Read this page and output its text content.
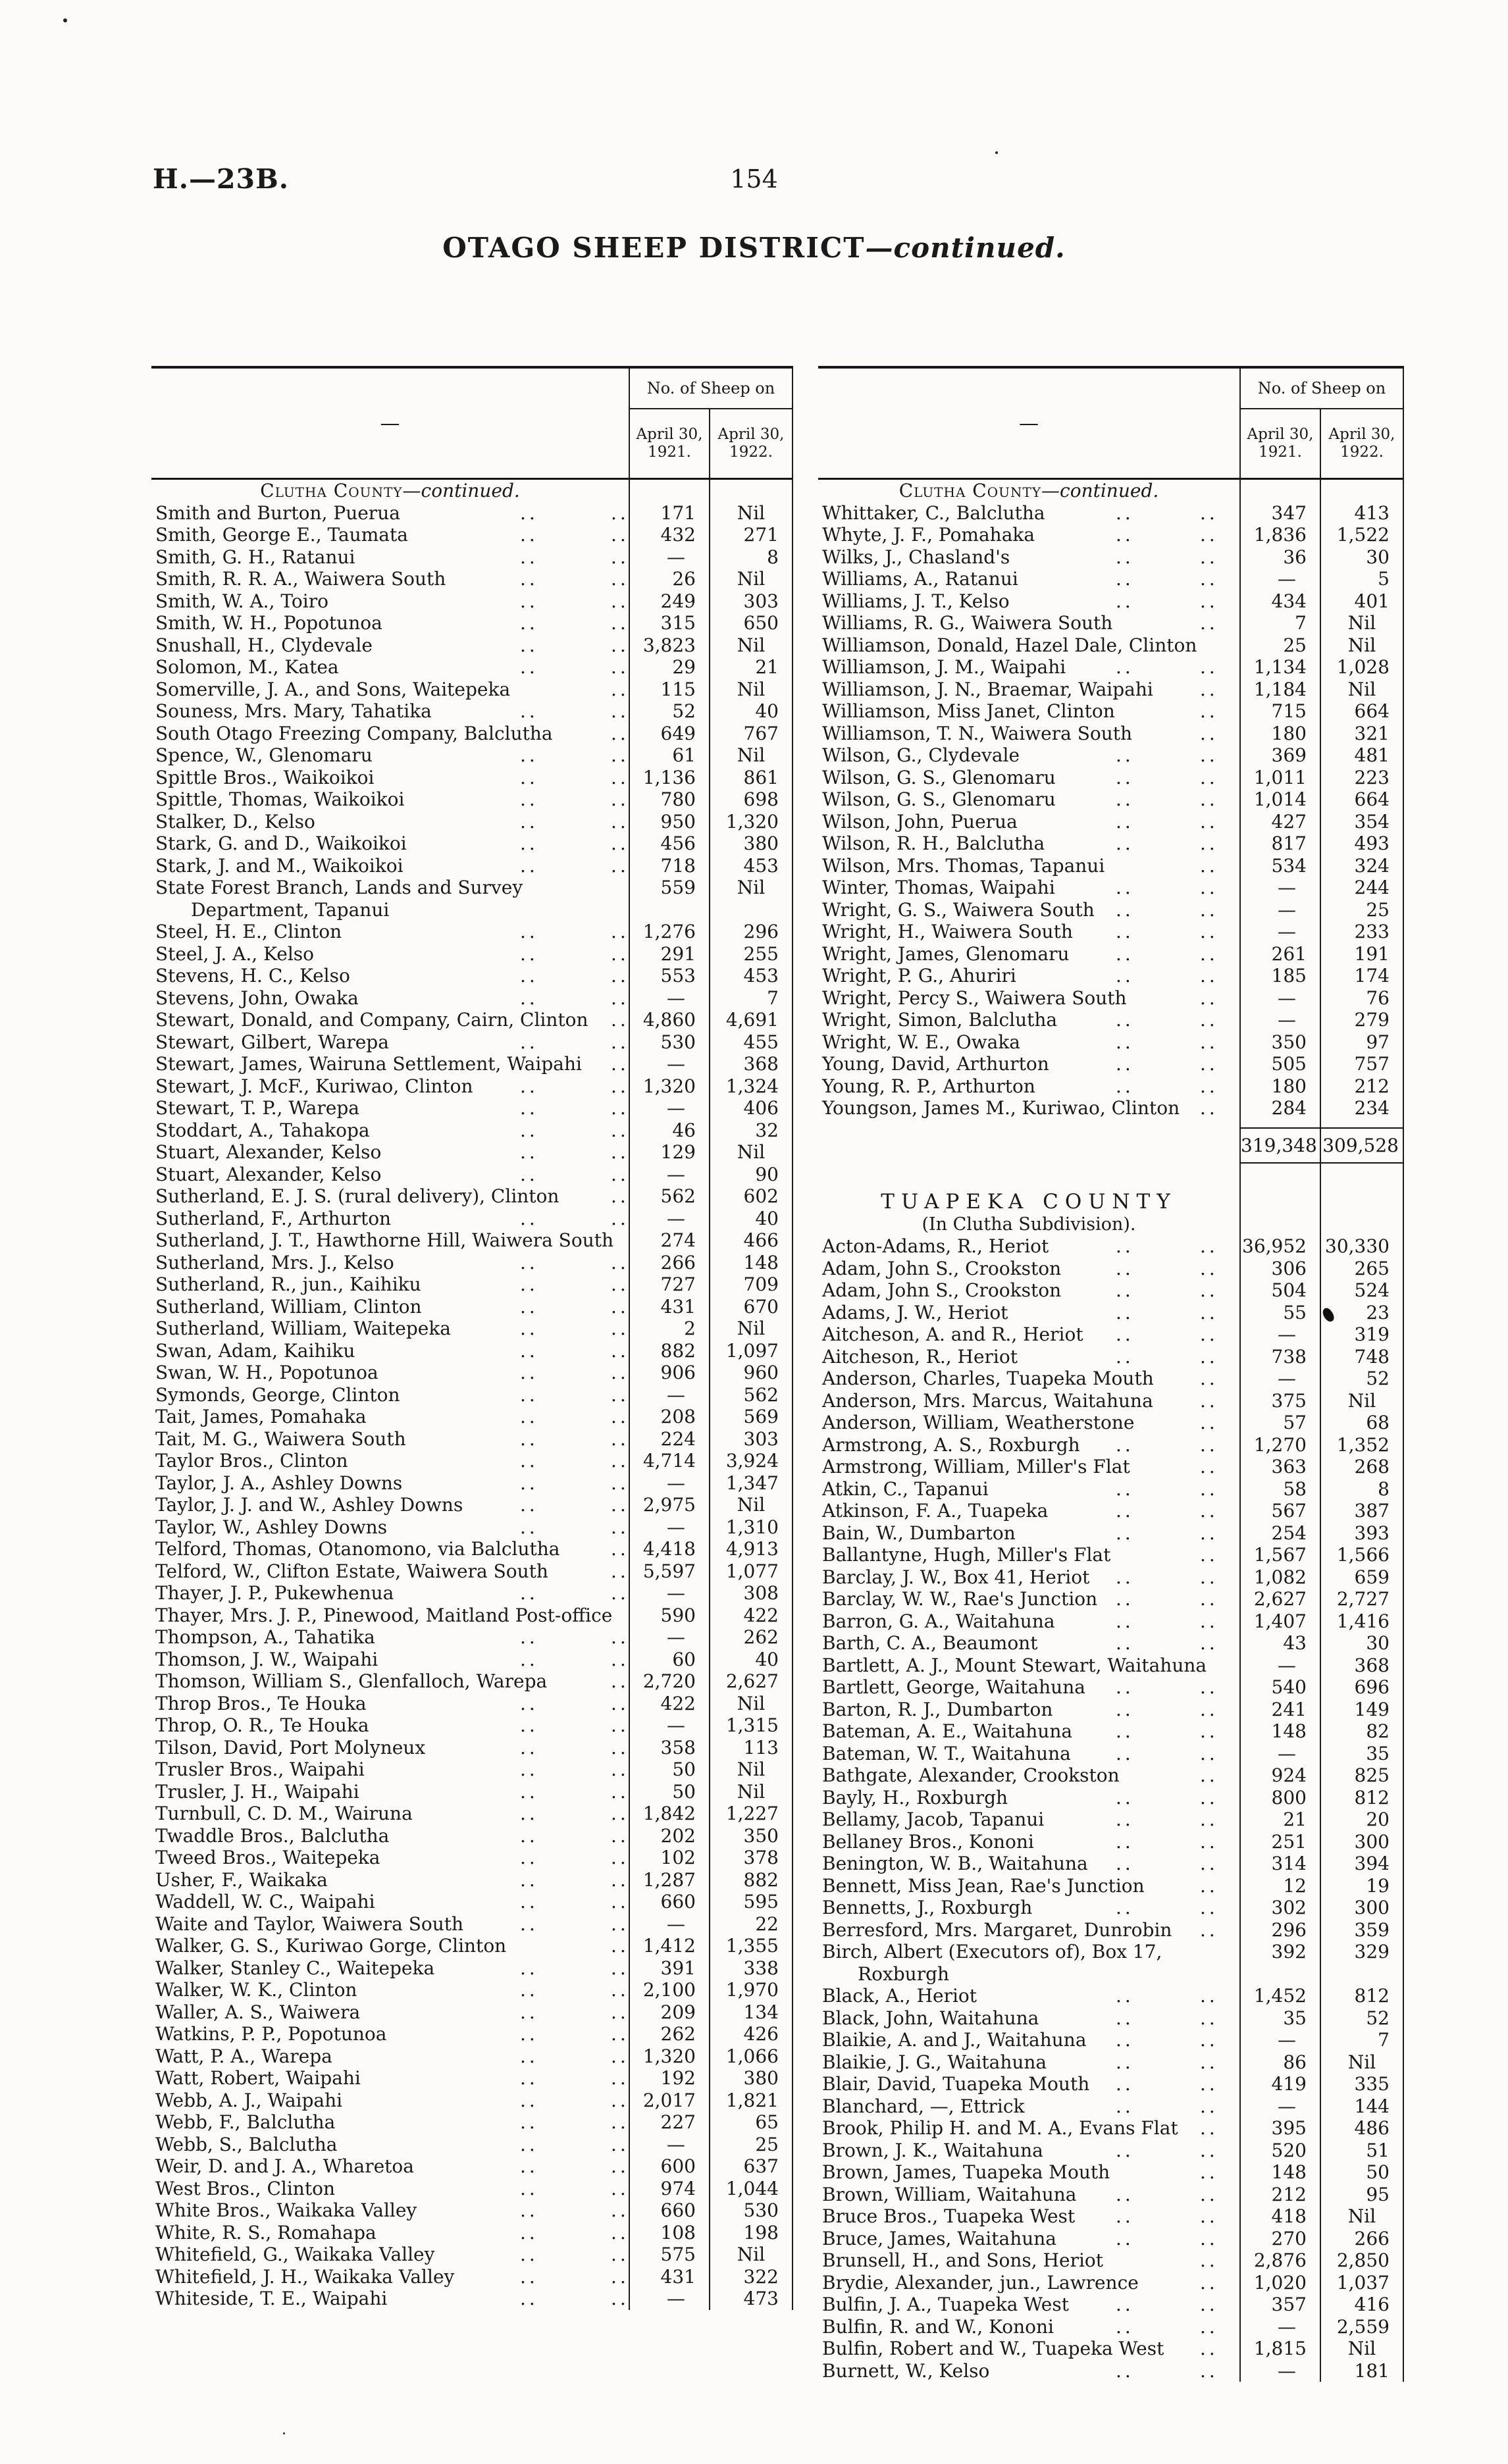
H.—23B.	154
OTAGO SHEEP DISTRICT—continued.
—
No. of Sheep on
April 30,
1921.
April 30,
1922.
Clutha County—continued.
Smith and Burton, Puerua	..	..	171	Nil
Smith, George E., Taumata	..	..	432	271
Smith, G. H., Ratanui	..	..	—	8
Smith, R. R. A., Waiwera South	..	..	26	Nil
Smith, W. A., Toiro	..	..	249	303
Smith, W. H., Popotunoa	..	..	315	650
Snushall, H., Clydevale	..	.. 3,823	Nil
Solomon, M., Katea	..	..	29	21
Somerville, J. A., and Sons, Waitepeka	..	115	Nil
Souness, Mrs. Mary, Tahatika	..	..	52	40
South Otago Freezing Company, Balclutha	..	649	767
Spence, W., Glenomaru	..	..	61	Nil
Spittle Bros., Waikoikoi	..	.. 1,136	861
Spittle, Thomas, Waikoikoi	..	..	780	698
Stalker, D., Kelso	..	..	950	1,320
Stark, G. and D., Waikoikoi	..	..	456	380
Stark, J. and M., Waikoikoi	..	..	718	453
State Forest Branch, Lands and Survey Department, Tapanui
559	Nil
Steel, H. E., Clinton	..	.. 1,276	296
Steel, J. A., Kelso	..	..	291	255
Stevens, H. C., Kelso	..	..	553	453
Stevens, John, Owaka	..	..	—	7
Stewart, Donald, and Company, Cairn, Clinton	.. 4,860	4,691
Stewart, Gilbert, Warepa	..	..	530	455
Stewart, James, Wairuna Settlement, Waipahi	..	—	368
Stewart, J. McF., Kuriwao, Clinton	..	.. 1,320	1,324
Stewart, T. P., Warepa	..	..	—	406
Stoddart, A., Tahakopa	..	..	46	32
Stuart, Alexander, Kelso	..	..	129	Nil
Stuart, Alexander, Kelso	..	..	—	90
Sutherland, E. J. S. (rural delivery), Clinton	..	562	602
Sutherland, F., Arthurton	..	..	—	40
Sutherland, J. T., Hawthorne Hill, Waiwera South	274	466
Sutherland, Mrs. J., Kelso	..	..	266	148
Sutherland, R., jun., Kaihiku	..	..	727	709
Sutherland, William, Clinton	..	..	431	670
Sutherland, William, Waitepeka	..	..	2	Nil
Swan, Adam, Kaihiku	..	..	882	1,097
Swan, W. H., Popotunoa	..	..	906	960
Symonds, George, Clinton	..	..	—	562
Tait, James, Pomahaka	..	..	208	569
Tait, M. G., Waiwera South	..	..	224	303
Taylor Bros., Clinton	..	.. 4,714	3,924
Taylor, J. A., Ashley Downs	..	..	—	1,347
Taylor, J. J. and W., Ashley Downs	..	.. 2,975	Nil
Taylor, W., Ashley Downs	..	..	—	1,310
Telford, Thomas, Otanomono, via Balclutha	.. 4,418	4,913
Telford, W., Clifton Estate, Waiwera South	.. 5,597	1,077
Thayer, J. P., Pukewhenua	..	..	—	308
Thayer, Mrs. J. P., Pinewood, Maitland Post-office	590	422
Thompson, A., Tahatika	..	..	—	262
Thomson, J. W., Waipahi	..	..	60	40
Thomson, William S., Glenfalloch, Warepa	.. 2,720	2,627
Throp Bros., Te Houka	..	..	422	Nil
Throp, O. R., Te Houka	..	..	—	1,315
Tilson, David, Port Molyneux	..	..	358	113
Trusler Bros., Waipahi	..	..	50	Nil
Trusler, J. H., Waipahi	..	..	50	Nil
Turnbull, C. D. M., Wairuna	..	.. 1,842	1,227
Twaddle Bros., Balclutha	..	..	202	350
Tweed Bros., Waitepeka	..	..	102	378
Usher, F., Waikaka	..	.. 1,287	882
Waddell, W. C., Waipahi	..	..	660	595
Waite and Taylor, Waiwera South	..	..	—	22
Walker, G. S., Kuriwao Gorge, Clinton	.. 1,412	1,355
Walker, Stanley C., Waitepeka	..	..	391	338
Walker, W. K., Clinton	..	.. 2,100	1,970
Waller, A. S., Waiwera	..	..	209	134
Watkins, P. P., Popotunoa	..	..	262	426
Watt, P. A., Warepa	..	.. 1,320	1,066
Watt, Robert, Waipahi	..	..	192	380
Webb, A. J., Waipahi	..	.. 2,017	1,821
Webb, F., Balclutha	..	..	227	65
Webb, S., Balclutha	..	..	—	25
Weir, D. and J. A., Wharetoa	..	..	600	637
West Bros., Clinton	..	..	974	1,044
White Bros., Waikaka Valley	..	..	660	530
White, R. S., Romahapa	..	..	108	198
Whitefield, G., Waikaka Valley	..	..	575	Nil
Whitefield, J. H., Waikaka Valley	..	..	431	322
Whiteside, T. E., Waipahi	..	..	—	473
—
No. of Sheep on
April 30,
1921.
April 30,
1922.
Clutha County—continued.
Whittaker, C., Balclutha	..	..	347	413
Whyte, J. F., Pomahaka	..	..	1,836	1,522
Wilks, J., Chasland's	..	..	36	30
Williams, A., Ratanui	..	..	—	5
Williams, J. T., Kelso	..	..	434	401
Williams, R. G., Waiwera South	..	7	Nil
Williamson, Donald, Hazel Dale, Clinton	25	Nil
Williamson, J. M., Waipahi	..	..	1,134	1,028
Williamson, J. N., Braemar, Waipahi	..	1,184	Nil
Williamson, Miss Janet, Clinton	..	715	664
Williamson, T. N., Waiwera South	..	180	321
Wilson, G., Clydevale	..	..	369	481
Wilson, G. S., Glenomaru	..	..	1,011	223
Wilson, G. S., Glenomaru	..	..	1,014	664
Wilson, John, Puerua	..	..	427	354
Wilson, R. H., Balclutha	..	..	817	493
Wilson, Mrs. Thomas, Tapanui	..	534	324
Winter, Thomas, Waipahi	..	..	—	244
Wright, G. S., Waiwera South	..	..	—	25
Wright, H., Waiwera South	..	..	—	233
Wright, James, Glenomaru	..	..	261	191
Wright, P. G., Ahuriri	..	..	185	174
Wright, Percy S., Waiwera South	..	—	76
Wright, Simon, Balclutha	..	..	—	279
Wright, W. E., Owaka	..	..	350	97
Young, David, Arthurton	..	..	505	757
Young, R. P., Arthurton	..	..	180	212
Youngson, James M., Kuriwao, Clinton	..	284	234
319,348 309,528
TUAPEKA COUNTY
(In Clutha Subdivision).
Acton-Adams, R., Heriot	..	.. 36,952	30,330
Adam, John S., Crookston	..	..	306	265
Adam, John S., Crookston	..	..	504	524
Adams, J. W., Heriot	..	..	55	23
Aitcheson, A. and R., Heriot	..	..	—	319
Aitcheson, R., Heriot	..	..	738	748
Anderson, Charles, Tuapeka Mouth	..	—	52
Anderson, Mrs. Marcus, Waitahuna	..	375	Nil
Anderson, William, Weatherstone	..	57	68
Armstrong, A. S., Roxburgh	..	..	1,270	1,352
Armstrong, William, Miller's Flat	..	363	268
Atkin, C., Tapanui	..	..	58	8
Atkinson, F. A., Tuapeka	..	..	567	387
Bain, W., Dumbarton	..	..	254	393
Ballantyne, Hugh, Miller's Flat	..	1,567	1,566
Barclay, J. W., Box 41, Heriot	..	..	1,082	659
Barclay, W. W., Rae's Junction ..	..	2,627	2,727
Barron, G. A., Waitahuna	..	..	1,407	1,416
Barth, C. A., Beaumont	..	..	43	30
Bartlett, A. J., Mount Stewart, Waitahuna	—	368
Bartlett, George, Waitahuna	..	..	540	696
Barton, R. J., Dumbarton	..	..	241	149
Bateman, A. E., Waitahuna	..	..	148	82
Bateman, W. T., Waitahuna	..	..	—	35
Bathgate, Alexander, Crookston	..	924	825
Bayly, H., Roxburgh	..	..	800	812
Bellamy, Jacob, Tapanui	..	..	21	20
Bellaney Bros., Kononi	..	..	251	300
Benington, W. B., Waitahuna	..	..	314	394
Bennett, Miss Jean, Rae's Junction	..	12	19
Bennetts, J., Roxburgh	..	..	302	300
Berresford, Mrs. Margaret, Dunrobin	..	296	359
Birch, Albert (Executors of), Box 17, Roxburgh
392	329
Black, A., Heriot	..	..	1,452	812
Black, John, Waitahuna	..	..	35	52
Blaikie, A. and J., Waitahuna	..	..	—	7
Blaikie, J. G., Waitahuna	..	..	86	Nil
Blair, David, Tuapeka Mouth	..	..	419	335
Blanchard, —, Ettrick	..	..	—	144
Brook, Philip H. and M. A., Evans Flat	..	395	486
Brown, J. K., Waitahuna	..	..	520	51
Brown, James, Tuapeka Mouth	..	148	50
Brown, William, Waitahuna	..	..	212	95
Bruce Bros., Tuapeka West	..	..	418	Nil
Bruce, James, Waitahuna	..	..	270	266
Brunsell, H., and Sons, Heriot	..	2,876	2,850
Brydie, Alexander, jun., Lawrence	..	1,020	1,037
Bulfin, J. A., Tuapeka West	..	..	357	416
Bulfin, R. and W., Kononi	..	..	—	2,559
Bulfin, Robert and W., Tuapeka West	..	1,815	Nil
Burnett, W., Kelso	..	..	—	181
